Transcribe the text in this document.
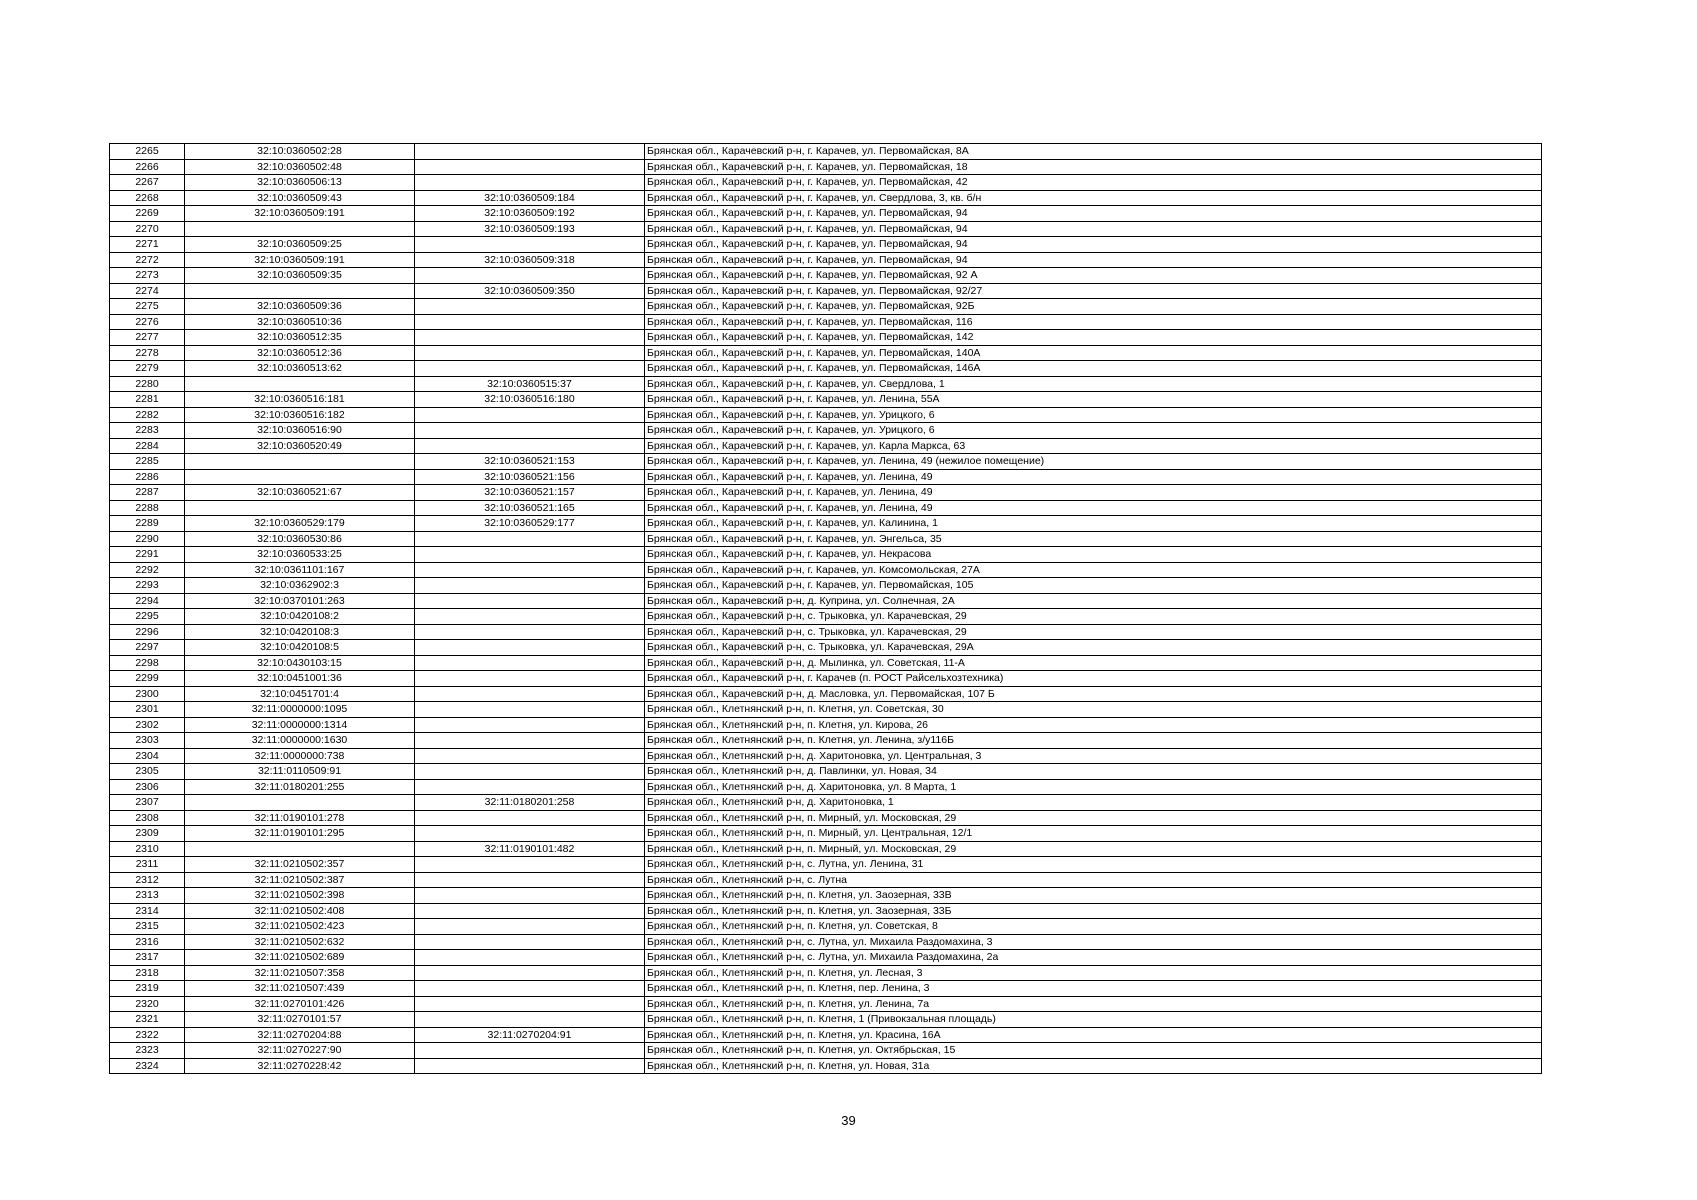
2265	32:10:0360502:28		Брянская обл., Карачевский р-н, г. Карачев, ул. Первомайская, 8А
2266	32:10:0360502:48		Брянская обл., Карачевский р-н, г. Карачев, ул. Первомайская, 18
2267	32:10:0360506:13		Брянская обл., Карачевский р-н, г. Карачев, ул. Первомайская, 42
2268	32:10:0360509:43	32:10:0360509:184	Брянская обл., Карачевский р-н, г. Карачев, ул. Свердлова, 3, кв. б/н
2269	32:10:0360509:191	32:10:0360509:192	Брянская обл., Карачевский р-н, г. Карачев, ул. Первомайская, 94
2270		32:10:0360509:193	Брянская обл., Карачевский р-н, г. Карачев, ул. Первомайская, 94
2271	32:10:0360509:25		Брянская обл., Карачевский р-н, г. Карачев, ул. Первомайская, 94
2272	32:10:0360509:191	32:10:0360509:318	Брянская обл., Карачевский р-н, г. Карачев, ул. Первомайская, 94
2273	32:10:0360509:35		Брянская обл., Карачевский р-н, г. Карачев, ул. Первомайская, 92 А
2274		32:10:0360509:350	Брянская обл., Карачевский р-н, г. Карачев, ул. Первомайская, 92/27
2275	32:10:0360509:36		Брянская обл., Карачевский р-н, г. Карачев, ул. Первомайская, 92Б
2276	32:10:0360510:36		Брянская обл., Карачевский р-н, г. Карачев, ул. Первомайская, 116
2277	32:10:0360512:35		Брянская обл., Карачевский р-н, г. Карачев, ул. Первомайская, 142
2278	32:10:0360512:36		Брянская обл., Карачевский р-н, г. Карачев, ул. Первомайская, 140А
2279	32:10:0360513:62		Брянская обл., Карачевский р-н, г. Карачев, ул. Первомайская, 146А
2280		32:10:0360515:37	Брянская обл., Карачевский р-н, г. Карачев, ул. Свердлова, 1
2281	32:10:0360516:181	32:10:0360516:180	Брянская обл., Карачевский р-н, г. Карачев, ул. Ленина, 55А
2282	32:10:0360516:182		Брянская обл., Карачевский р-н, г. Карачев, ул. Урицкого, 6
2283	32:10:0360516:90		Брянская обл., Карачевский р-н, г. Карачев, ул. Урицкого, 6
2284	32:10:0360520:49		Брянская обл., Карачевский р-н, г. Карачев, ул. Карла Маркса, 63
2285		32:10:0360521:153	Брянская обл., Карачевский р-н, г. Карачев, ул. Ленина, 49 (нежилое помещение)
2286		32:10:0360521:156	Брянская обл., Карачевский р-н, г. Карачев, ул. Ленина, 49
2287	32:10:0360521:67	32:10:0360521:157	Брянская обл., Карачевский р-н, г. Карачев, ул. Ленина, 49
2288		32:10:0360521:165	Брянская обл., Карачевский р-н, г. Карачев, ул. Ленина, 49
2289	32:10:0360529:179	32:10:0360529:177	Брянская обл., Карачевский р-н, г. Карачев, ул. Калинина, 1
2290	32:10:0360530:86		Брянская обл., Карачевский р-н, г. Карачев, ул. Энгельса, 35
2291	32:10:0360533:25		Брянская обл., Карачевский р-н, г. Карачев, ул. Некрасова
2292	32:10:0361101:167		Брянская обл., Карачевский р-н, г. Карачев, ул. Комсомольская, 27А
2293	32:10:0362902:3		Брянская обл., Карачевский р-н, г. Карачев, ул. Первомайская, 105
2294	32:10:0370101:263		Брянская обл., Карачевский р-н, д. Куприна, ул. Солнечная, 2А
2295	32:10:0420108:2		Брянская обл., Карачевский р-н, с. Трыковка, ул. Карачевская, 29
2296	32:10:0420108:3		Брянская обл., Карачевский р-н, с. Трыковка, ул. Карачевская, 29
2297	32:10:0420108:5		Брянская обл., Карачевский р-н, с. Трыковка, ул. Карачевская, 29А
2298	32:10:0430103:15		Брянская обл., Карачевский р-н, д. Мылинка, ул. Советская, 11-А
2299	32:10:0451001:36		Брянская обл., Карачевский р-н, г. Карачев (п. РОСТ Райсельхозтехника)
2300	32:10:0451701:4		Брянская обл., Карачевский р-н, д. Масловка, ул. Первомайская, 107 Б
2301	32:11:0000000:1095		Брянская обл., Клетнянский р-н, п. Клетня, ул. Советская, 30
2302	32:11:0000000:1314		Брянская обл., Клетнянский р-н, п. Клетня, ул. Кирова, 26
2303	32:11:0000000:1630		Брянская обл., Клетнянский р-н, п. Клетня, ул. Ленина, з/у116Б
2304	32:11:0000000:738		Брянская обл., Клетнянский р-н, д. Харитоновка, ул. Центральная, 3
2305	32:11:0110509:91		Брянская обл., Клетнянский р-н, д. Павлинки, ул. Новая, 34
2306	32:11:0180201:255		Брянская обл., Клетнянский р-н, д. Харитоновка, ул. 8 Марта, 1
2307		32:11:0180201:258	Брянская обл., Клетнянский р-н, д. Харитоновка, 1
2308	32:11:0190101:278		Брянская обл., Клетнянский р-н, п. Мирный, ул. Московская, 29
2309	32:11:0190101:295		Брянская обл., Клетнянский р-н, п. Мирный, ул. Центральная, 12/1
2310		32:11:0190101:482	Брянская обл., Клетнянский р-н, п. Мирный, ул. Московская, 29
2311	32:11:0210502:357		Брянская обл., Клетнянский р-н, с. Лутна, ул. Ленина, 31
2312	32:11:0210502:387		Брянская обл., Клетнянский р-н, с. Лутна
2313	32:11:0210502:398		Брянская обл., Клетнянский р-н, п. Клетня, ул. Заозерная, 33В
2314	32:11:0210502:408		Брянская обл., Клетнянский р-н, п. Клетня, ул. Заозерная, 33Б
2315	32:11:0210502:423		Брянская обл., Клетнянский р-н, п. Клетня, ул. Советская, 8
2316	32:11:0210502:632		Брянская обл., Клетнянский р-н, с. Лутна, ул. Михаила Раздомахина, 3
2317	32:11:0210502:689		Брянская обл., Клетнянский р-н, с. Лутна, ул. Михаила Раздомахина, 2а
2318	32:11:0210507:358		Брянская обл., Клетнянский р-н, п. Клетня, ул. Лесная, 3
2319	32:11:0210507:439		Брянская обл., Клетнянский р-н, п. Клетня, пер. Ленина, 3
2320	32:11:0270101:426		Брянская обл., Клетнянский р-н, п. Клетня, ул. Ленина, 7а
2321	32:11:0270101:57		Брянская обл., Клетнянский р-н, п. Клетня, 1 (Привокзальная площадь)
2322	32:11:0270204:88	32:11:0270204:91	Брянская обл., Клетнянский р-н, п. Клетня, ул. Красина, 16А
2323	32:11:0270227:90		Брянская обл., Клетнянский р-н, п. Клетня, ул. Октябрьская, 15
2324	32:11:0270228:42		Брянская обл., Клетнянский р-н, п. Клетня, ул. Новая, 31а
39
